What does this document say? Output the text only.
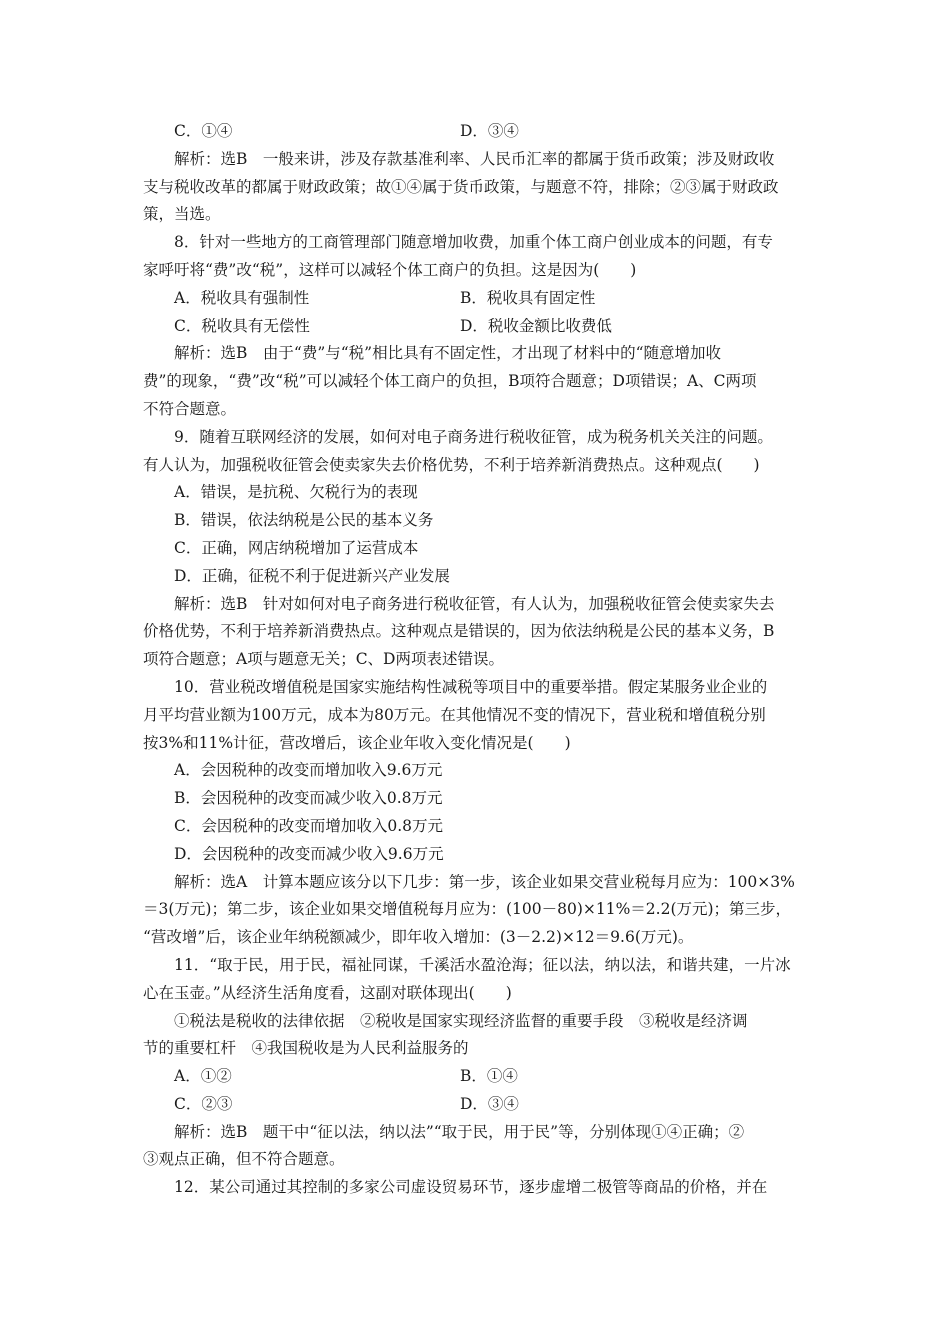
C．①④	D．③④
解析：选B　一般来讲，涉及存款基准利率、人民币汇率的都属于货币政策；涉及财政收
支与税收改革的都属于财政政策；故①④属于货币政策，与题意不符，排除；②③属于财政政
策，当选。
8．针对一些地方的工商管理部门随意增加收费，加重个体工商户创业成本的问题，有专
家呼吁将“费”改“税”，这样可以减轻个体工商户的负担。这是因为(　　)
A．税收具有强制性	B．税收具有固定性
C．税收具有无偿性	D．税收金额比收费低
解析：选B　由于“费”与“税”相比具有不固定性，才出现了材料中的“随意增加收
费”的现象，“费”改“税”可以减轻个体工商户的负担，B项符合题意；D项错误；A、C两项
不符合题意。
9．随着互联网经济的发展，如何对电子商务进行税收征管，成为税务机关关注的问题。
有人认为，加强税收征管会使卖家失去价格优势，不利于培养新消费热点。这种观点(　　)
A．错误，是抗税、欠税行为的表现
B．错误，依法纳税是公民的基本义务
C．正确，网店纳税增加了运营成本
D．正确，征税不利于促进新兴产业发展
解析：选B　针对如何对电子商务进行税收征管，有人认为，加强税收征管会使卖家失去
价格优势，不利于培养新消费热点。这种观点是错误的，因为依法纳税是公民的基本义务，B
项符合题意；A项与题意无关；C、D两项表述错误。
10．营业税改增值税是国家实施结构性减税等项目中的重要举措。假定某服务业企业的
月平均营业额为100万元，成本为80万元。在其他情况不变的情况下，营业税和增值税分别
按3%和11%计征，营改增后，该企业年收入变化情况是(　　)
A．会因税种的改变而增加收入9.6万元
B．会因税种的改变而减少收入0.8万元
C．会因税种的改变而增加收入0.8万元
D．会因税种的改变而减少收入9.6万元
解析：选A　计算本题应该分以下几步：第一步，该企业如果交营业税每月应为：100×3%
＝3(万元)；第二步，该企业如果交增值税每月应为：(100－80)×11%＝2.2(万元)；第三步，
“营改增”后，该企业年纳税额减少，即年收入增加：(3－2.2)×12＝9.6(万元)。
11．“取于民，用于民，福祉同谋，千溪活水盈沧海；征以法，纳以法，和谐共建，一片冰
心在玉壶。”从经济生活角度看，这副对联体现出(　　)
①税法是税收的法律依据　②税收是国家实现经济监督的重要手段　③税收是经济调
节的重要杠杆　④我国税收是为人民利益服务的
A．①②	B．①④
C．②③	D．③④
解析：选B　题干中“征以法，纳以法”“取于民，用于民”等，分别体现①④正确；②
③观点正确，但不符合题意。
12．某公司通过其控制的多家公司虚设贸易环节，逐步虚增二极管等商品的价格，并在
